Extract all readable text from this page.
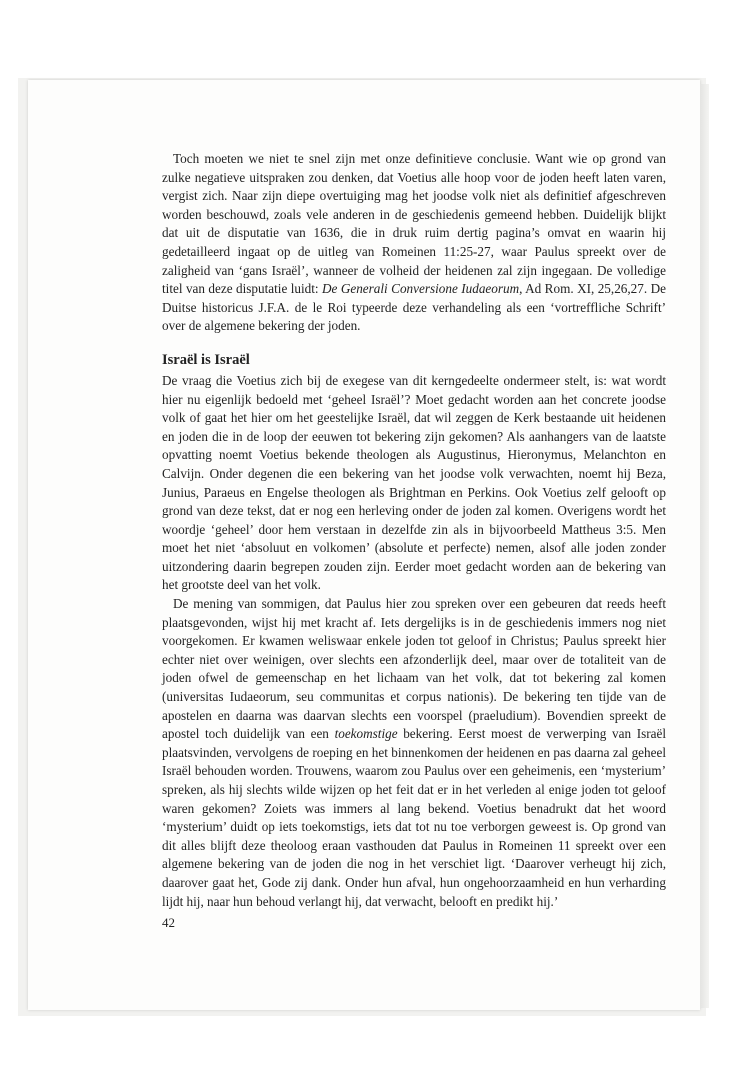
Toch moeten we niet te snel zijn met onze definitieve conclusie. Want wie op grond van zulke negatieve uitspraken zou denken, dat Voetius alle hoop voor de joden heeft laten varen, vergist zich. Naar zijn diepe overtuiging mag het joodse volk niet als definitief afgeschreven worden beschouwd, zoals vele anderen in de geschiedenis gemeend hebben. Duidelijk blijkt dat uit de disputatie van 1636, die in druk ruim dertig pagina’s omvat en waarin hij gedetailleerd ingaat op de uitleg van Romeinen 11:25-27, waar Paulus spreekt over de zaligheid van ‘gans Israël’, wanneer de volheid der heidenen zal zijn ingegaan. De volledige titel van deze disputatie luidt: De Generali Conversione Iudaeorum, Ad Rom. XI, 25,26,27. De Duitse historicus J.F.A. de le Roi typeerde deze verhandeling als een ‘vortreffliche Schrift’ over de algemene bekering der joden.

Israël is Israël

De vraag die Voetius zich bij de exegese van dit kerngedeelte ondermeer stelt, is: wat wordt hier nu eigenlijk bedoeld met ‘geheel Israël’? Moet gedacht worden aan het concrete joodse volk of gaat het hier om het geestelijke Israël, dat wil zeggen de Kerk bestaande uit heidenen en joden die in de loop der eeuwen tot bekering zijn gekomen? Als aanhangers van de laatste opvatting noemt Voetius bekende theologen als Augustinus, Hieronymus, Melanchton en Calvijn. Onder degenen die een bekering van het joodse volk verwachten, noemt hij Beza, Junius, Paraeus en Engelse theologen als Brightman en Perkins. Ook Voetius zelf gelooft op grond van deze tekst, dat er nog een herleving onder de joden zal komen. Overigens wordt het woordje ‘geheel’ door hem verstaan in dezelfde zin als in bijvoorbeeld Mattheus 3:5. Men moet het niet ‘absoluut en volkomen’ (absolute et perfecte) nemen, alsof alle joden zonder uitzondering daarin begrepen zouden zijn. Eerder moet gedacht worden aan de bekering van het grootste deel van het volk.

De mening van sommigen, dat Paulus hier zou spreken over een gebeuren dat reeds heeft plaatsgevonden, wijst hij met kracht af. Iets dergelijks is in de geschiedenis immers nog niet voorgekomen. Er kwamen weliswaar enkele joden tot geloof in Christus; Paulus spreekt hier echter niet over weinigen, over slechts een afzonderlijk deel, maar over de totaliteit van de joden ofwel de gemeenschap en het lichaam van het volk, dat tot bekering zal komen (universitas Iudaeorum, seu communitas et corpus nationis). De bekering ten tijde van de apostelen en daarna was daarvan slechts een voorspel (praeludium). Bovendien spreekt de apostel toch duidelijk van een toekomstige bekering. Eerst moest de verwerping van Israël plaatsvinden, vervolgens de roeping en het binnenkomen der heidenen en pas daarna zal geheel Israël behouden worden. Trouwens, waarom zou Paulus over een geheimenis, een ‘mysterium’ spreken, als hij slechts wilde wijzen op het feit dat er in het verleden al enige joden tot geloof waren gekomen? Zoiets was immers al lang bekend. Voetius benadrukt dat het woord ‘mysterium’ duidt op iets toekomstigs, iets dat tot nu toe verborgen geweest is. Op grond van dit alles blijft deze theoloog eraan vasthouden dat Paulus in Romeinen 11 spreekt over een algemene bekering van de joden die nog in het verschiet ligt. ‘Daarover verheugt hij zich, daarover gaat het, Gode zij dank. Onder hun afval, hun ongehoorzaamheid en hun verharding lijdt hij, naar hun behoud verlangt hij, dat verwacht, belooft en predikt hij.’

42
